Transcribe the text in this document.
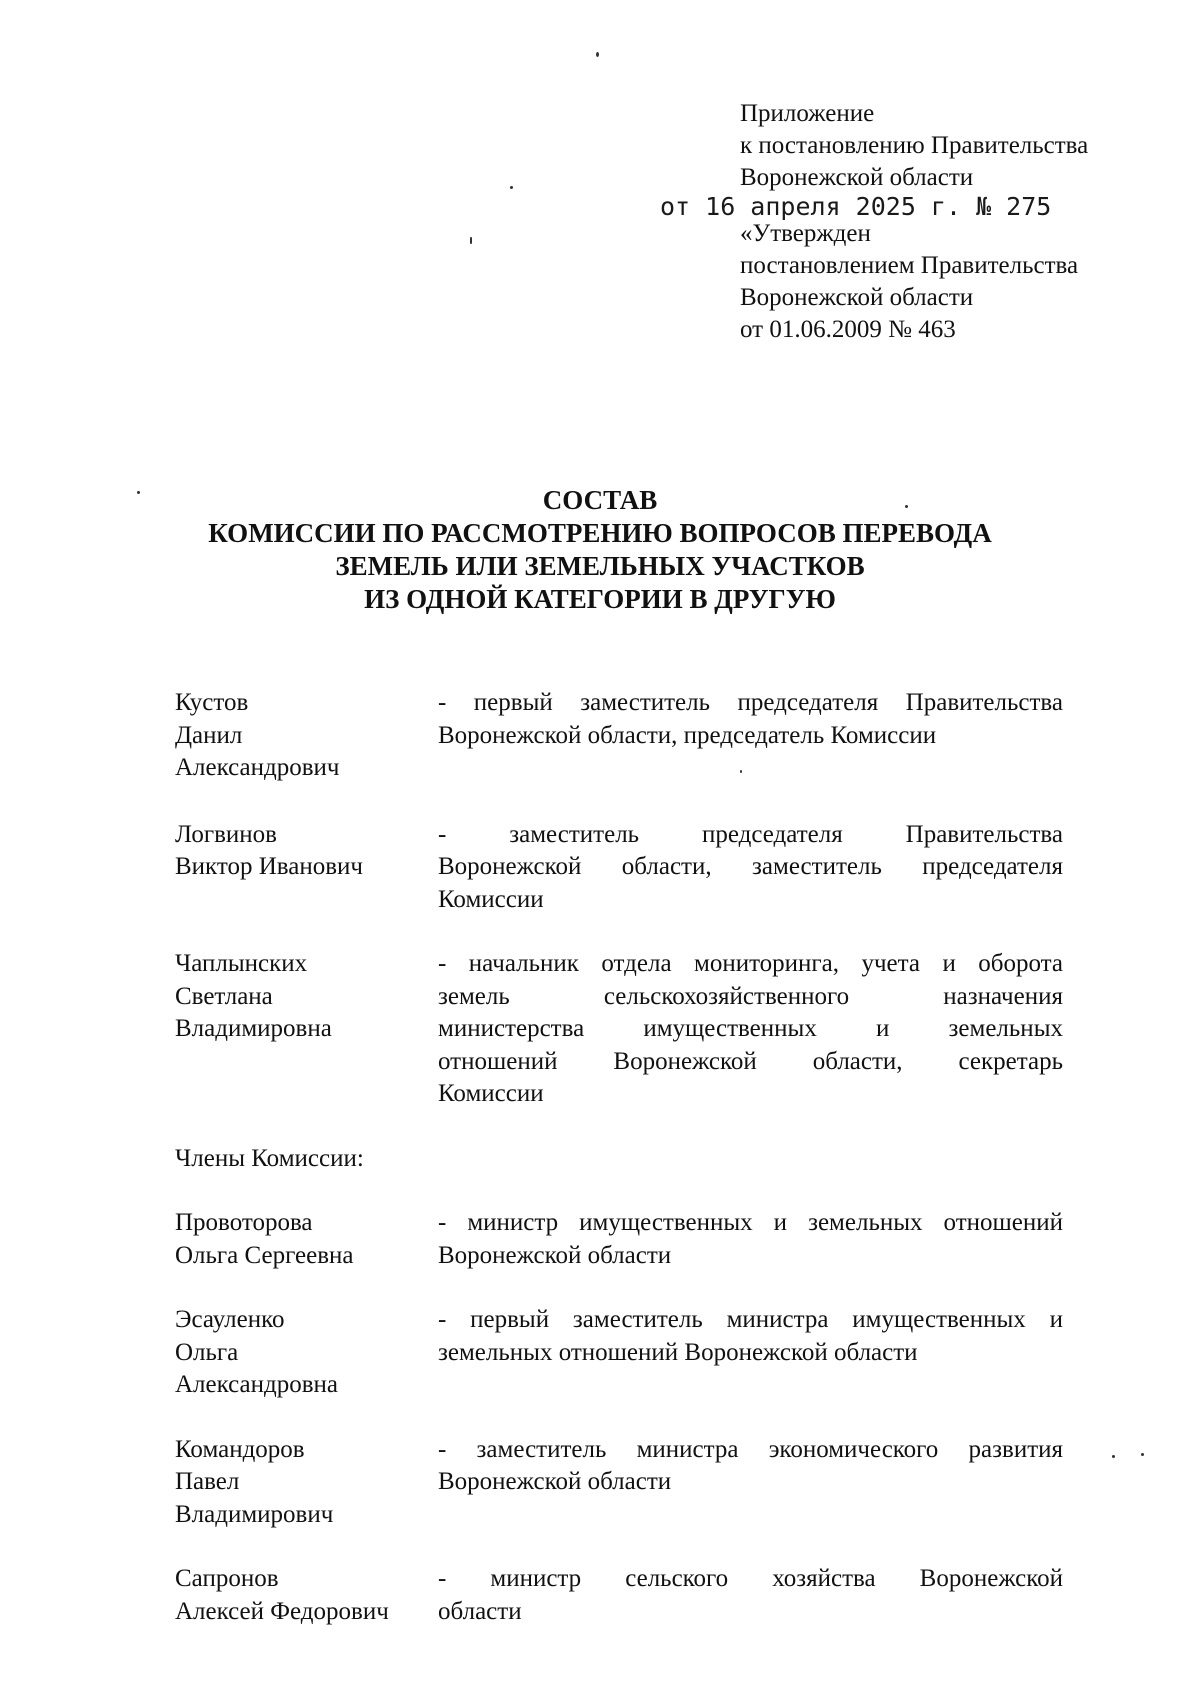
Приложение
к постановлению Правительства
Воронежской области
от 16 апреля 2025 г. № 275
«Утвержден
постановлением Правительства
Воронежской области
от 01.06.2009 № 463
СОСТАВ
КОМИССИИ ПО РАССМОТРЕНИЮ ВОПРОСОВ ПЕРЕВОДА
ЗЕМЕЛЬ ИЛИ ЗЕМЕЛЬНЫХ УЧАСТКОВ
ИЗ ОДНОЙ КАТЕГОРИИ В ДРУГУЮ
Кустов
Данил
Александрович
- первый заместитель председателя Правительства
Воронежской области, председатель Комиссии
Логвинов
Виктор Иванович
- заместитель председателя Правительства
Воронежской области, заместитель председателя
Комиссии
Чаплынских
Светлана
Владимировна
- начальник отдела мониторинга, учета и оборота
земель сельскохозяйственного назначения
министерства имущественных и земельных
отношений Воронежской области, секретарь
Комиссии
Члены Комиссии:
Провоторова
Ольга Сергеевна
- министр имущественных и земельных отношений
Воронежской области
Эсауленко
Ольга
Александровна
- первый заместитель министра имущественных и
земельных отношений Воронежской области
Командоров
Павел
Владимирович
- заместитель министра экономического развития
Воронежской области
Сапронов
Алексей Федорович
- министр сельского хозяйства Воронежской
области
